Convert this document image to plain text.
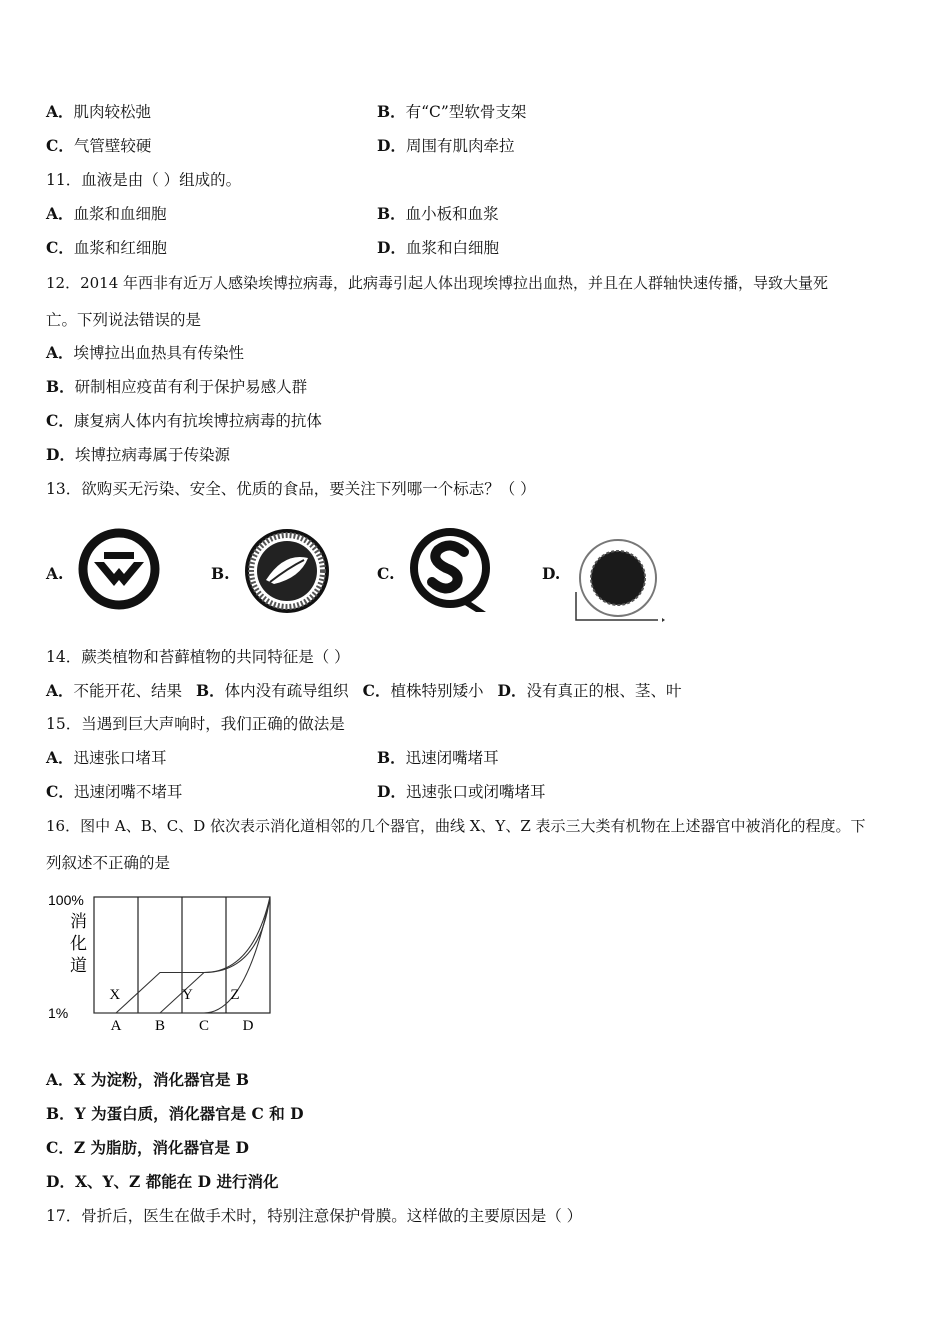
A．肌肉较松弛	B．有“C”型软骨支架
C．气管壁较硬	D．周围有肌肉牵拉
11．血液是由（ ）组成的。
A．血浆和血细胞	B．血小板和血浆
C．血浆和红细胞	D．血浆和白细胞
12．2014 年西非有近万人感染埃博拉病毒，此病毒引起人体出现埃博拉出血热，并且在人群轴快速传播，导致大量死
亡。下列说法错误的是
A．埃博拉出血热具有传染性
B．研制相应疫苗有利于保护易感人群
C．康复病人体内有抗埃博拉病毒的抗体
D．埃博拉病毒属于传染源
13．欲购买无污染、安全、优质的食品，要关注下列哪一个标志？（ ）
A.	B.	C.	D.
14．蕨类植物和苔藓植物的共同特征是（ ）
A．不能开花、结果 B．体内没有疏导组织 C．植株特别矮小 D．没有真正的根、茎、叶
15．当遇到巨大声响时，我们正确的做法是
A．迅速张口堵耳	B．迅速闭嘴堵耳
C．迅速闭嘴不堵耳	D．迅速张口或闭嘴堵耳
16．图中 A、B、C、D 依次表示消化道相邻的几个器官，曲线 X、Y、Z 表示三大类有机物在上述器官中被消化的程度。下
列叙述不正确的是
100%
1%
消
化
道
A B C D
X	Y	Z
A．X 为淀粉，消化器官是 B
B．Y 为蛋白质，消化器官是 C 和 D
C．Z 为脂肪，消化器官是 D
D．X、Y、Z 都能在 D 进行消化
17．骨折后，医生在做手术时，特别注意保护骨膜。这样做的主要原因是（ ）
